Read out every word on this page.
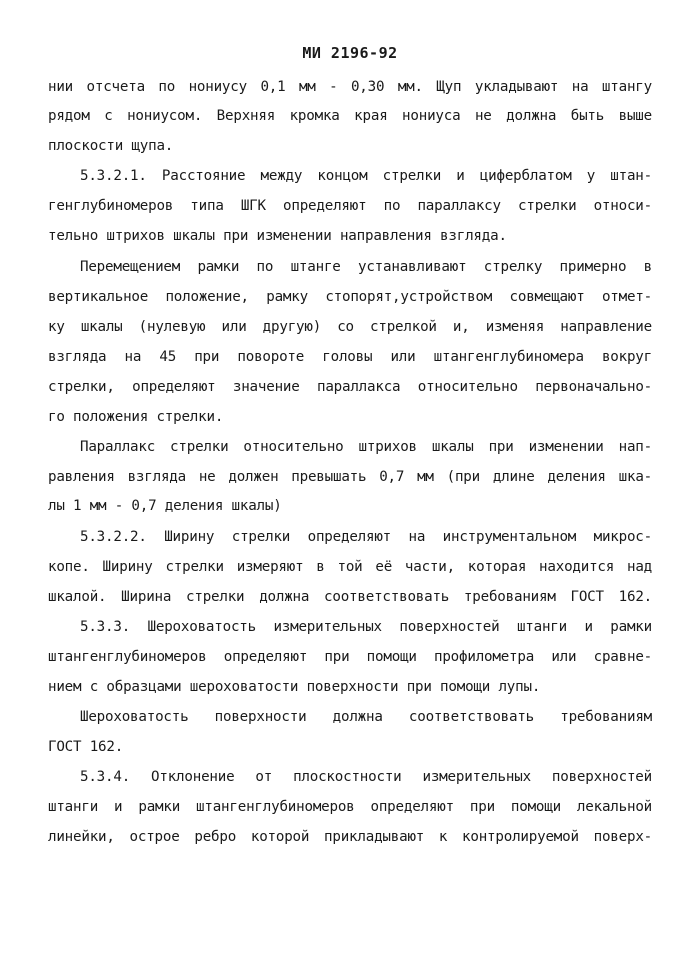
МИ 2196-92
нии отсчета по нониусу 0,1 мм - 0,30 мм. Щуп укладывают на штангу
рядом с нониусом. Верхняя кромка края нониуса не должна быть выше
плоскости щупа.
5.3.2.1. Расстояние между концом стрелки и циферблатом у штан-
генглубиномеров типа ШГК определяют по параллаксу стрелки относи-
тельно штрихов шкалы при изменении направления взгляда.
Перемещением рамки по штанге устанавливают стрелку примерно в
вертикальное положение, рамку стопорят,устройством совмещают отмет-
ку шкалы (нулевую или другую) со стрелкой и, изменяя направление
взгляда на 45 при повороте головы или штангенглубиномера вокруг
стрелки, определяют значение параллакса относительно первоначально-
го положения стрелки.
Параллакс стрелки относительно штрихов шкалы при изменении нап-
равления взгляда не должен превышать 0,7 мм (при длине деления шка-
лы 1 мм - 0,7 деления шкалы)
5.3.2.2. Ширину стрелки определяют на инструментальном микрос-
копе. Ширину стрелки измеряют в той её части, которая находится над
шкалой. Ширина стрелки должна соответствовать требованиям ГОСТ 162.
5.3.3. Шероховатость измерительных поверхностей штанги и рамки
штангенглубиномеров определяют при помощи профилометра или сравне-
нием с образцами шероховатости поверхности при помощи лупы.
Шероховатость поверхности должна соответствовать требованиям
ГОСТ 162.
5.3.4. Отклонение от плоскостности измерительных поверхностей
штанги и рамки штангенглубиномеров определяют при помощи лекальной
линейки, острое ребро которой прикладывают к контролируемой поверх-
